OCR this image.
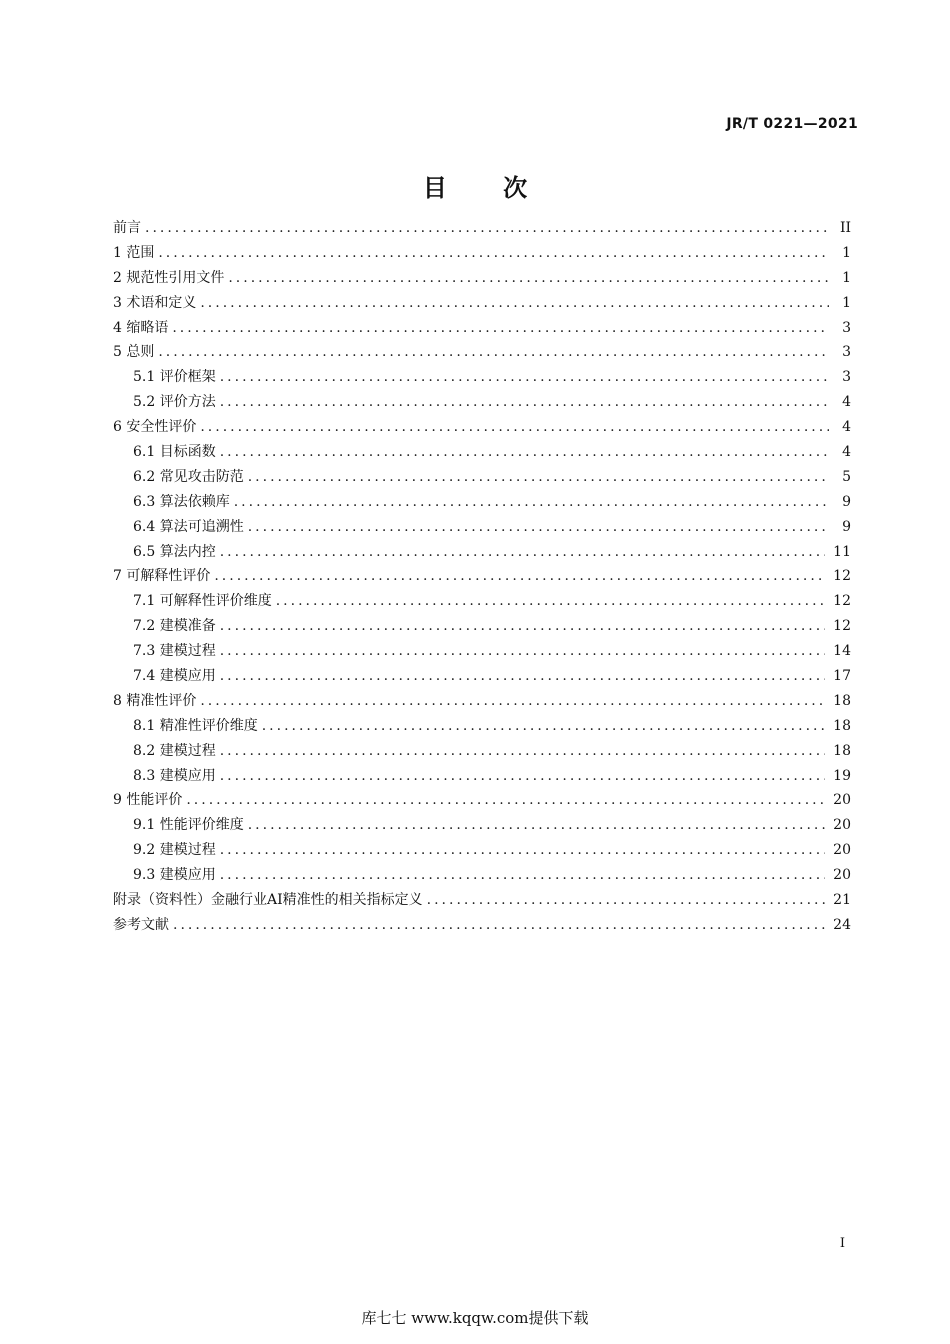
JR/T 0221—2021
目 次
前言 .....	II
1 范围 .....	1
2 规范性引用文件 .....	1
3 术语和定义 .....	1
4 缩略语 .....	3
5 总则 .....	3
5.1 评价框架 .....	3
5.2 评价方法 .....	4
6 安全性评价 .....	4
6.1 目标函数 .....	4
6.2 常见攻击防范 .....	5
6.3 算法依赖库 .....	9
6.4 算法可追溯性 .....	9
6.5 算法内控 .....	11
7 可解释性评价 .....	12
7.1 可解释性评价维度 .....	12
7.2 建模准备 .....	12
7.3 建模过程 .....	14
7.4 建模应用 .....	17
8 精准性评价 .....	18
8.1 精准性评价维度 .....	18
8.2 建模过程 .....	18
8.3 建模应用 .....	19
9 性能评价 .....	20
9.1 性能评价维度 .....	20
9.2 建模过程 .....	20
9.3 建模应用 .....	20
附录（资料性）金融行业AI精准性的相关指标定义 .....	21
参考文献 .....	24
I
库七七 www.kqqw.com提供下载
